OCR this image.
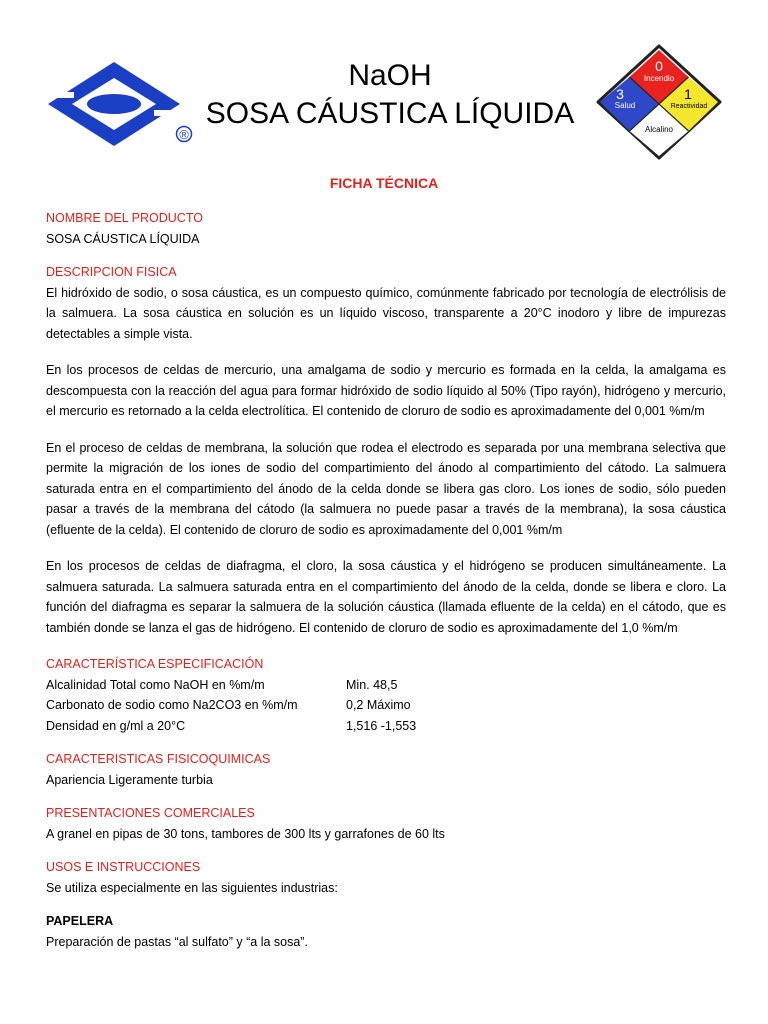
®
NaOH
SOSA CÁUSTICA LÍQUIDA
0
Incendio
3
Salud
1
Reactividad
Alcalino
FICHA TÉCNICA

NOMBRE DEL PRODUCTO

SOSA CÁUSTICA LÍQUIDA

DESCRIPCION FISICA

El hidróxido de sodio, o sosa cáustica, es un compuesto químico, comúnmente fabricado por tecnología de electrólisis de la salmuera. La sosa cáustica en solución es un líquido viscoso, transparente a 20°C inodoro y libre de impurezas detectables a simple vista.

En los procesos de celdas de mercurio, una amalgama de sodio y mercurio es formada en la celda, la amalgama es descompuesta con la reacción del agua para formar hidróxido de sodio líquido al 50% (Tipo rayón), hidrógeno y mercurio, el mercurio es retornado a la celda electrolítica. El contenido de cloruro de sodio es aproximadamente del 0,001 %m/m

En el proceso de celdas de membrana, la solución que rodea el electrodo es separada por una membrana selectiva que permite la migración de los iones de sodio del compartimiento del ánodo al compartimiento del cátodo. La salmuera saturada entra en el compartimiento del ánodo de la celda donde se libera gas cloro. Los iones de sodio, sólo pueden pasar a través de la membrana del cátodo (la salmuera no puede pasar a través de la membrana), la sosa cáustica (efluente de la celda). El contenido de cloruro de sodio es aproximadamente del 0,001 %m/m

En los procesos de celdas de diafragma, el cloro, la sosa cáustica y el hidrógeno se producen simultáneamente. La salmuera saturada. La salmuera saturada entra en el compartimiento del ánodo de la celda, donde se libera e cloro. La función del diafragma es separar la salmuera de la solución cáustica (llamada efluente de la celda) en el cátodo, que es también donde se lanza el gas de hidrógeno. El contenido de cloruro de sodio es aproximadamente del 1,0 %m/m

CARACTERÍSTICA ESPECIFICACIÓN

Alcalinidad Total como NaOH en %m/m	Min. 48,5
Carbonato de sodio como Na2CO3 en %m/m	0,2 Máximo
Densidad en g/ml a 20°C	1,516 -1,553

CARACTERISTICAS FISICOQUIMICAS

Apariencia Ligeramente turbia

PRESENTACIONES COMERCIALES

A granel en pipas de 30 tons, tambores de 300 lts y garrafones de 60 lts

USOS E INSTRUCCIONES

Se utiliza especialmente en las siguientes industrias:

PAPELERA

Preparación de pastas “al sulfato” y “a la sosa”.
